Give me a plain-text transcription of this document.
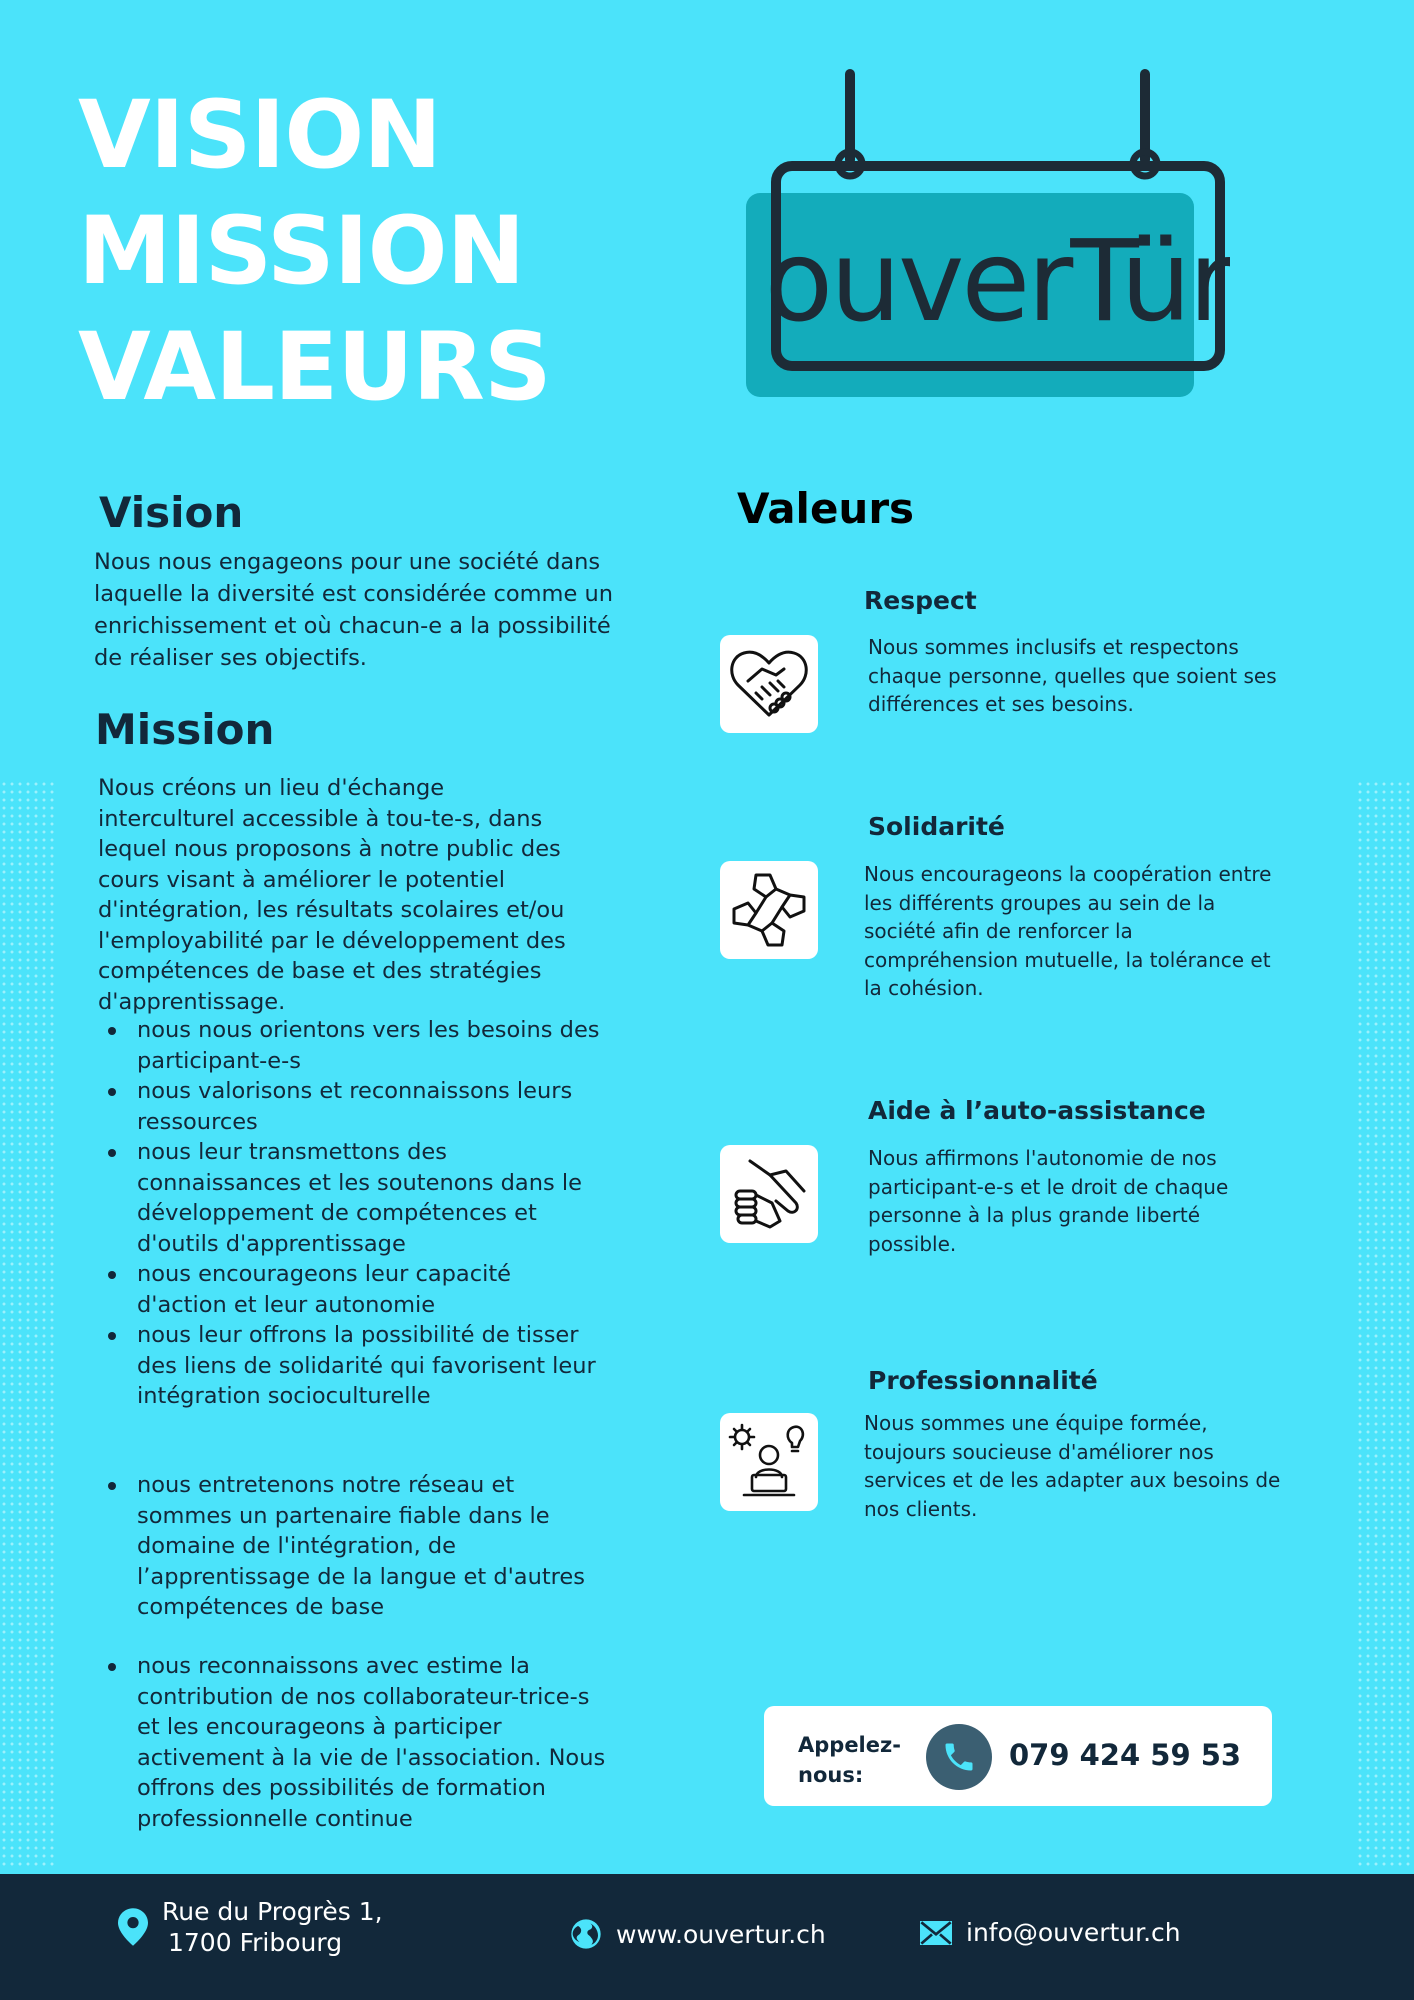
VISION
MISSION
VALEURS
ouverTür
Vision
Nous nous engageons pour une société dans laquelle la diversité est considérée comme un enrichissement et où chacun-e a la possibilité de réaliser ses objectifs.
Mission
Nous créons un lieu d'échange interculturel accessible à tou-te-s, dans lequel nous proposons à notre public des cours visant à améliorer le potentiel d'intégration, les résultats scolaires et/ou l'employabilité par le développement des compétences de base et des stratégies d'apprentissage.
nous nous orientons vers les besoins des participant-e-s
nous valorisons et reconnaissons leurs ressources
nous leur transmettons des connaissances et les soutenons dans le développement de compétences et d'outils d'apprentissage
nous encourageons leur capacité d'action et leur autonomie
nous leur offrons la possibilité de tisser des liens de solidarité qui favorisent leur intégration socioculturelle
nous entretenons notre réseau et sommes un partenaire fiable dans le domaine de l'intégration, de l’apprentissage de la langue et d'autres compétences de base
nous reconnaissons avec estime la contribution de nos collaborateur-trice-s et les encourageons à participer activement à la vie de l'association. Nous offrons des possibilités de formation professionnelle continue
Valeurs
Respect
Nous sommes inclusifs et respectons chaque personne, quelles que soient ses différences et ses besoins.
Solidarité
Nous encourageons la coopération entre les différents groupes au sein de la société afin de renforcer la compréhension mutuelle, la tolérance et la cohésion.
Aide à l’auto-assistance
Nous affirmons l'autonomie de nos participant-e-s et le droit de chaque personne à la plus grande liberté possible.
Professionnalité
Nous sommes une équipe formée, toujours soucieuse d'améliorer nos services et de les adapter aux besoins de nos clients.
Appelez-nous:
079 424 59 53
Rue du Progrès 1,
1700 Fribourg	www.ouvertur.ch	info@ouvertur.ch
